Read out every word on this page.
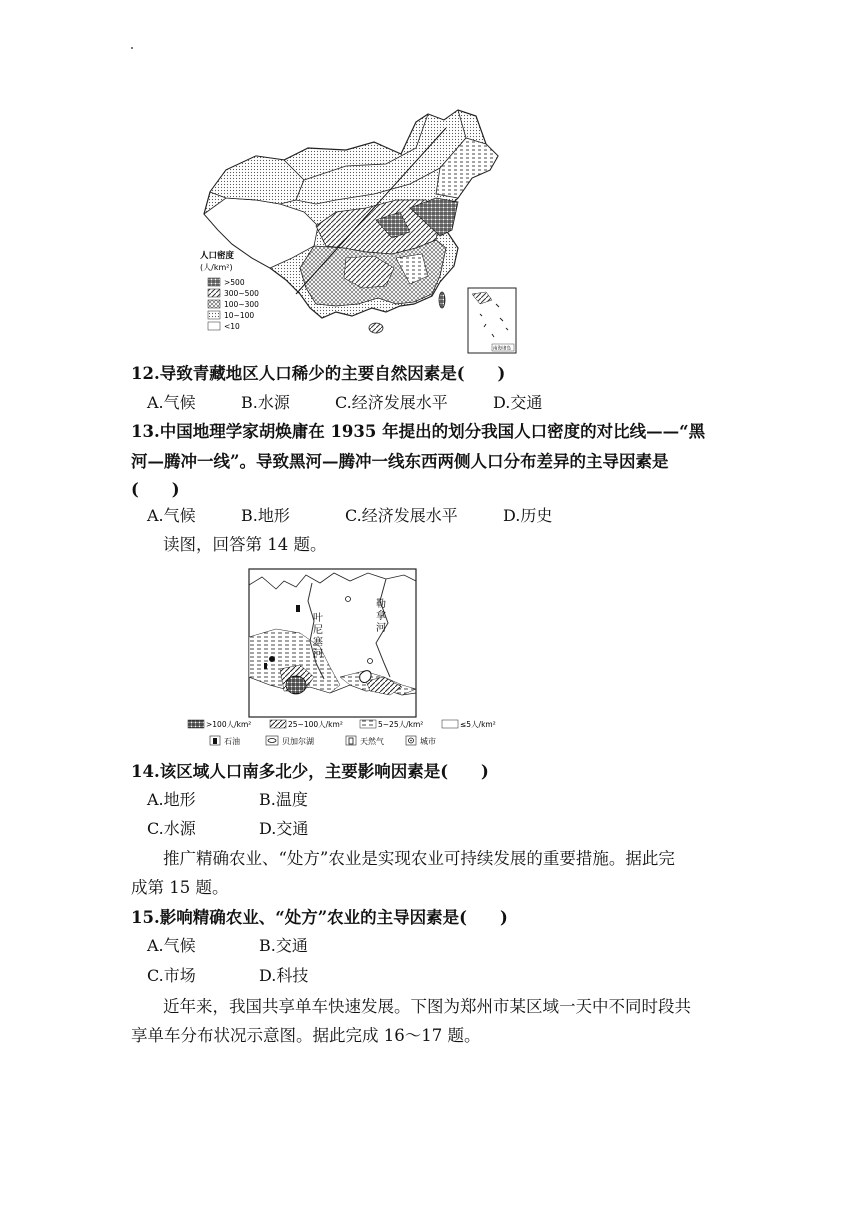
人口密度
(人/km²)
>500
300~500
100~300
10~100
<10
南海诸岛
12.导致青藏地区人口稀少的主要自然因素是(　　)
A.气候	B.水源	C.经济发展水平	D.交通
13.中国地理学家胡焕庸在 1935 年提出的划分我国人口密度的对比线——“黑
河—腾冲一线”。导致黑河—腾冲一线东西两侧人口分布差异的主导因素是
(　　)
A.气候	B.地形	C.经济发展水平	D.历史
读图，回答第 14 题。
叶
尼
塞
河
勒
拿
河
>100人/km²	25~100人/km²	5~25人/km²	≤5人/km²
石油	贝加尔湖	天然气	城市
14.该区域人口南多北少，主要影响因素是(　　)
A.地形	B.温度
C.水源	D.交通
推广精确农业、“处方”农业是实现农业可持续发展的重要措施。据此完
成第 15 题。
15.影响精确农业、“处方”农业的主导因素是(　　)
A.气候	B.交通
C.市场	D.科技
近年来，我国共享单车快速发展。下图为郑州市某区域一天中不同时段共
享单车分布状况示意图。据此完成 16～17 题。
